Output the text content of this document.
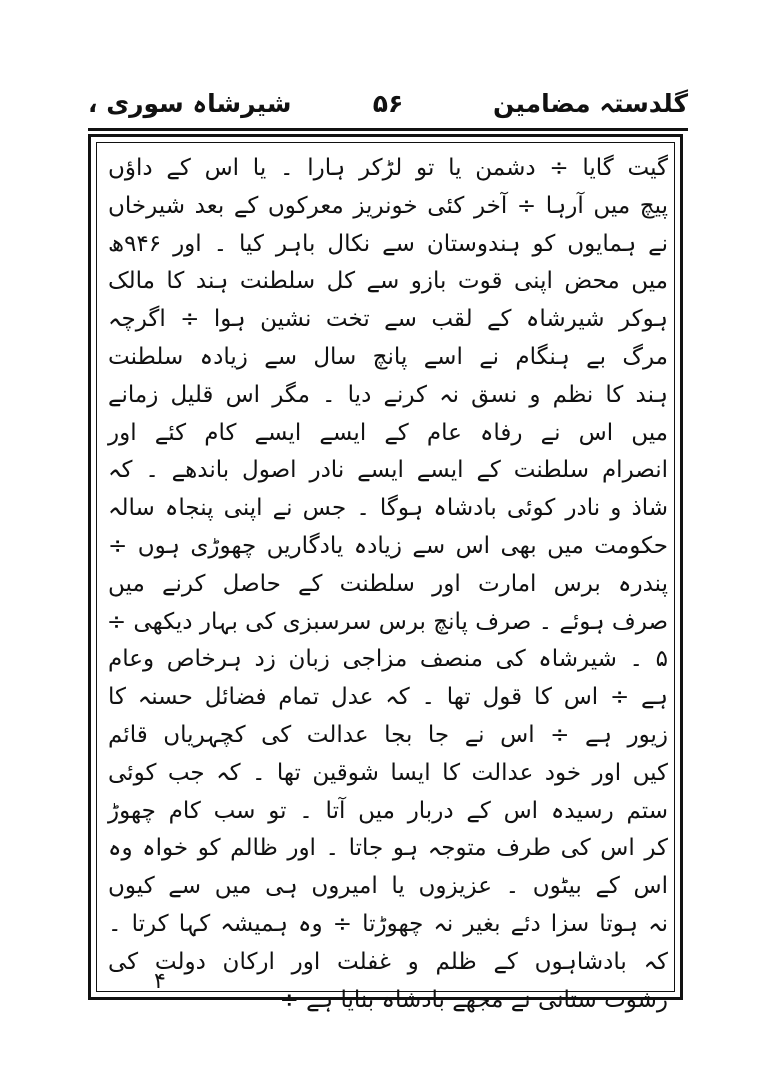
گلدستہ مضامین
۵۶
شیرشاہ سوری ،
گیت گایا ÷ دشمن یا تو لڑکر ہارا ۔ یا اس کے داؤں
پیچ میں آرہا ÷ آخر کئی خونریز معرکوں کے بعد شیرخاں
نے ہمایوں کو ہندوستان سے نکال باہر کیا ۔ اور ۹۴۶ھ
میں محض اپنی قوت بازو سے کل سلطنت ہند کا مالک
ہوکر شیرشاہ کے لقب سے تخت نشین ہوا ÷ اگرچہ
مرگ بے ہنگام نے اسے پانچ سال سے زیادہ سلطنت
ہند کا نظم و نسق نہ کرنے دیا ۔ مگر اس قلیل زمانے
میں اس نے رفاہ عام کے ایسے ایسے کام کئے اور
انصرام سلطنت کے ایسے ایسے نادر اصول باندھے ۔ کہ
شاذ و نادر کوئی بادشاہ ہوگا ۔ جس نے اپنی پنجاہ سالہ
حکومت میں بھی اس سے زیادہ یادگاریں چھوڑی ہوں ÷
پندرہ برس امارت اور سلطنت کے حاصل کرنے میں
صرف ہوئے ۔ صرف پانچ برس سرسبزی کی بہار دیکھی ÷
۵ ۔ شیرشاہ کی منصف مزاجی زبان زد ہرخاص وعام
ہے ÷ اس کا قول تھا ۔ کہ عدل تمام فضائل حسنہ کا
زیور ہے ÷ اس نے جا بجا عدالت کی کچہریاں قائم
کیں اور خود عدالت کا ایسا شوقین تھا ۔ کہ جب کوئی
ستم رسیدہ اس کے دربار میں آتا ۔ تو سب کام چھوڑ
کر اس کی طرف متوجہ ہو جاتا ۔ اور ظالم کو خواہ وہ
اس کے بیٹوں ۔ عزیزوں یا امیروں ہی میں سے کیوں
نہ ہوتا سزا دئے بغیر نہ چھوڑتا ÷ وہ ہمیشہ کہا کرتا ۔
کہ بادشاہوں کے ظلم و غفلت اور ارکان دولت کی
رشوت ستانی نے مجھے بادشاہ بنایا ہے ÷
۴
